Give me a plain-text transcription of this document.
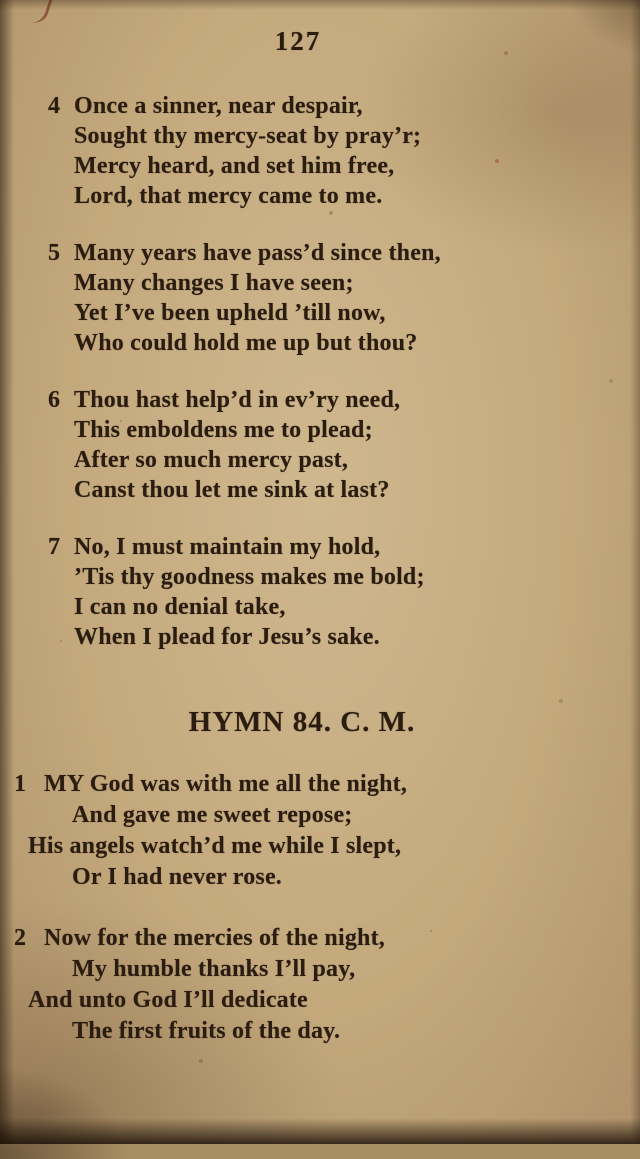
127
4 Once a sinner, near despair,
Sought thy mercy-seat by pray’r;
Mercy heard, and set him free,
Lord, that mercy came to me.
5 Many years have pass’d since then,
Many changes I have seen;
Yet I’ve been upheld ’till now,
Who could hold me up but thou?
6 Thou hast help’d in ev’ry need,
This emboldens me to plead;
After so much mercy past,
Canst thou let me sink at last?
7 No, I must maintain my hold,
’Tis thy goodness makes me bold;
I can no denial take,
When I plead for Jesu’s sake.
HYMN 84. C. M.
1 MY God was with me all the night,
And gave me sweet repose;
His angels watch’d me while I slept,
Or I had never rose.
2 Now for the mercies of the night,
My humble thanks I’ll pay,
And unto God I’ll dedicate
The first fruits of the day.
